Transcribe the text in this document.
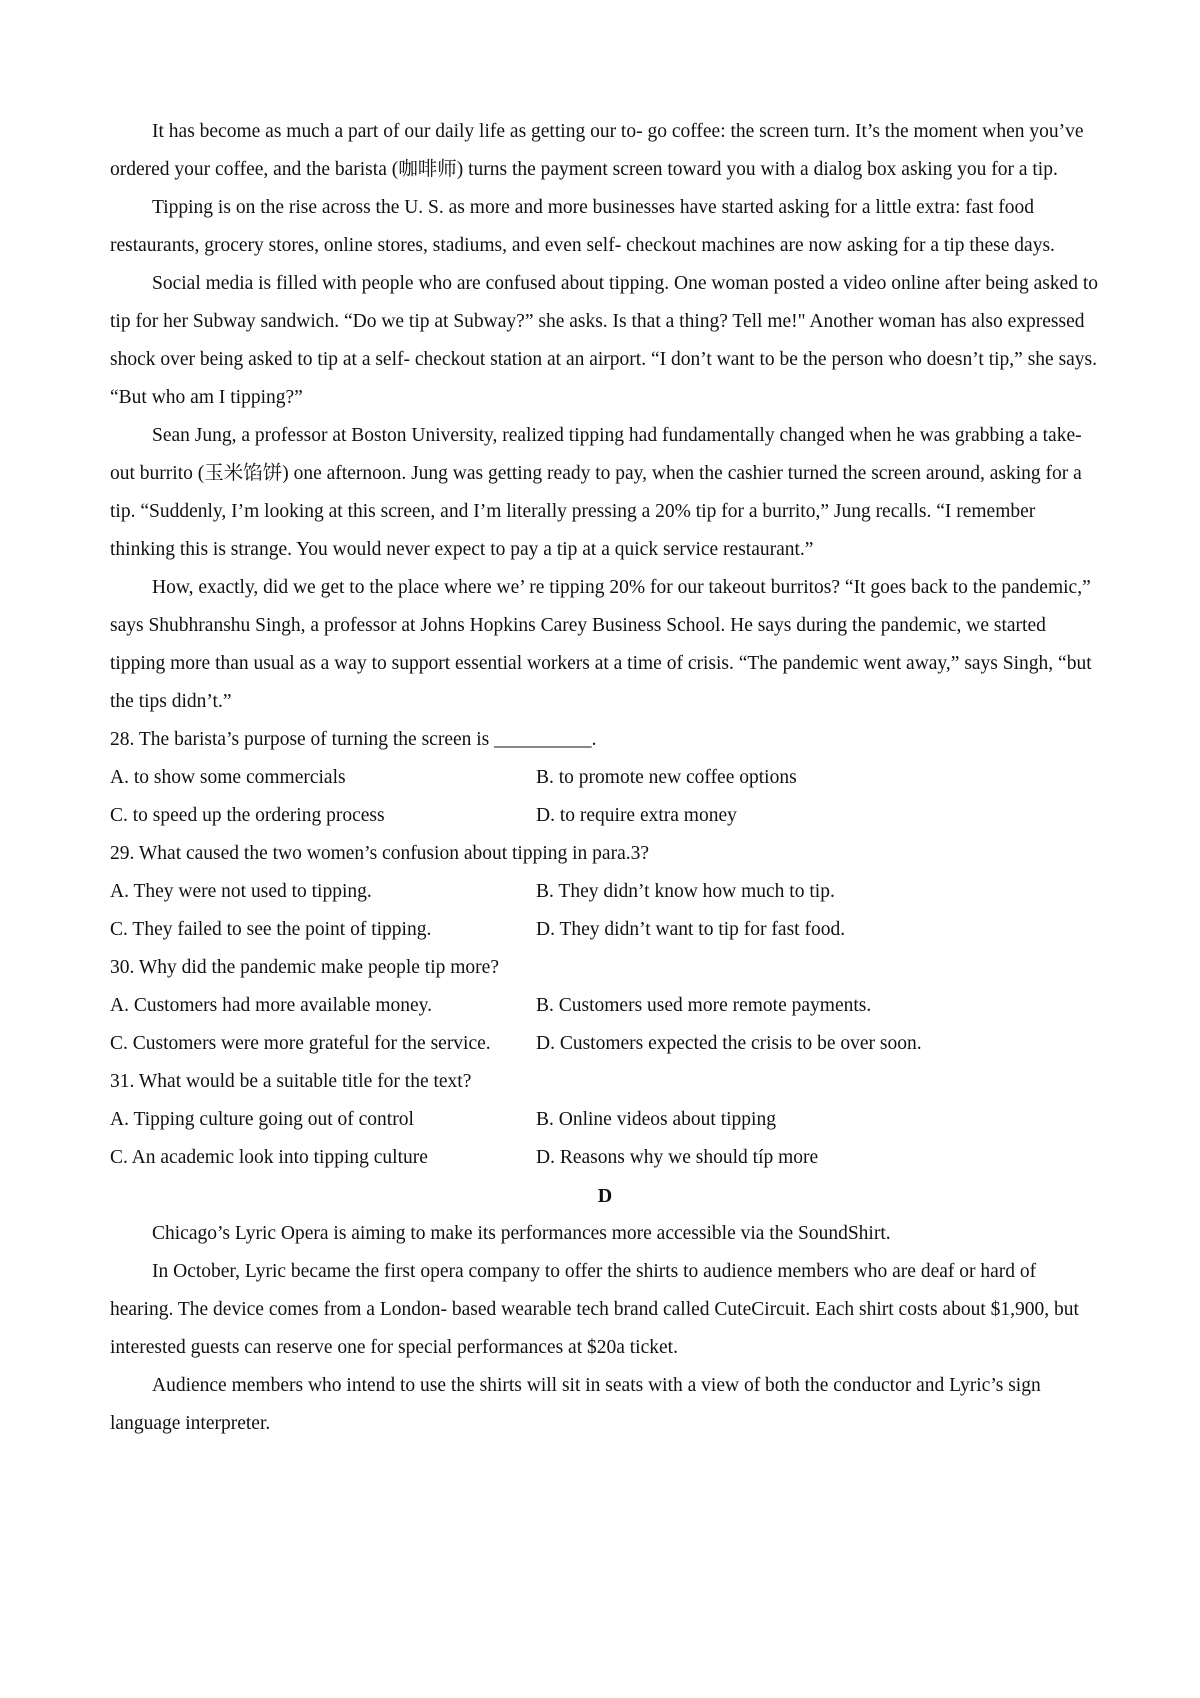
It has become as much a part of our daily life as getting our to- go coffee: the screen turn. It’s the moment when you’ve ordered your coffee, and the barista (咖啡师) turns the payment screen toward you with a dialog box asking you for a tip.

Tipping is on the rise across the U. S. as more and more businesses have started asking for a little extra: fast food restaurants, grocery stores, online stores, stadiums, and even self- checkout machines are now asking for a tip these days.

Social media is filled with people who are confused about tipping. One woman posted a video online after being asked to tip for her Subway sandwich. “Do we tip at Subway?” she asks. Is that a thing? Tell me!" Another woman has also expressed shock over being asked to tip at a self- checkout station at an airport. “I don’t want to be the person who doesn’t tip,” she says. “But who am I tipping?”

Sean Jung, a professor at Boston University, realized tipping had fundamentally changed when he was grabbing a take- out burrito (玉米馅饼) one afternoon. Jung was getting ready to pay, when the cashier turned the screen around, asking for a tip. “Suddenly, I’m looking at this screen, and I’m literally pressing a 20% tip for a burrito,” Jung recalls. “I remember thinking this is strange. You would never expect to pay a tip at a quick service restaurant.”

How, exactly, did we get to the place where we’ re tipping 20% for our takeout burritos? “It goes back to the pandemic,” says Shubhranshu Singh, a professor at Johns Hopkins Carey Business School. He says during the pandemic, we started tipping more than usual as a way to support essential workers at a time of crisis. “The pandemic went away,” says Singh, “but the tips didn’t.”

28. The barista’s purpose of turning the screen is __________.

A. to show some commercials	B. to promote new coffee options
C. to speed up the ordering process	D. to require extra money

29. What caused the two women’s confusion about tipping in para.3?

A. They were not used to tipping.	B. They didn’t know how much to tip.
C. They failed to see the point of tipping.	D. They didn’t want to tip for fast food.

30. Why did the pandemic make people tip more?

A. Customers had more available money.	B. Customers used more remote payments.
C. Customers were more grateful for the service.	D. Customers expected the crisis to be over soon.

31. What would be a suitable title for the text?

A. Tipping culture going out of control	B. Online videos about tipping
C. An academic look into tipping culture	D. Reasons why we should típ more
D

Chicago’s Lyric Opera is aiming to make its performances more accessible via the SoundShirt.

In October, Lyric became the first opera company to offer the shirts to audience members who are deaf or hard of hearing. The device comes from a London- based wearable tech brand called CuteCircuit. Each shirt costs about $1,900, but interested guests can reserve one for special performances at $20a ticket.

Audience members who intend to use the shirts will sit in seats with a view of both the conductor and Lyric’s sign language interpreter.
